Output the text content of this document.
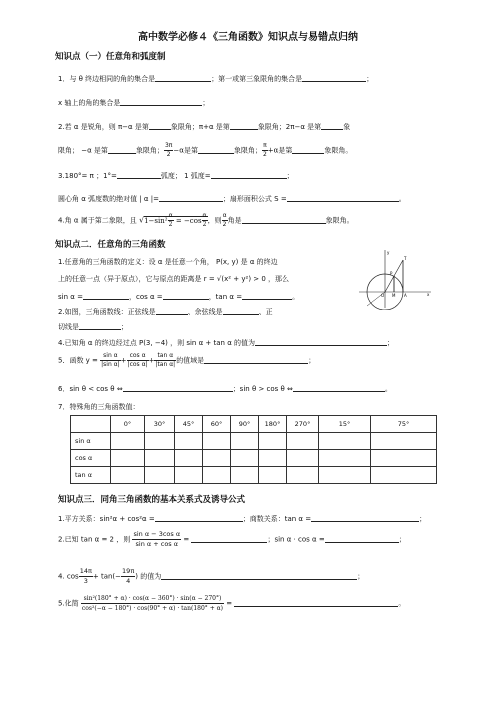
高中数学必修４《三角函数》知识点与易错点归纳
知识点（一）任意角和弧度制
1．与 θ 终边相同的角的集合是	；第一或第三象限角的集合是	；
x 轴上的角的集合是	；
2.若 α 是锐角，则 π−α 是第	象限角；π+α 是第	象限角；2π−α 是第	象
限角； −α 是第	象限角； $\frac{3\pi}{2} -\alpha$是第	象限角； $\frac{\pi}{2} +\alpha$是第	象限角。
3.180°= π ；1°=	弧度； 1 弧度=	；
圆心角 α 弧度数的绝对值 | α |=	；扇形面积公式 S =	。
4.角 α 属于第二象限，且 $√1-\sin^2 \frac{\alpha}{2} = -\cos \frac{\alpha}{2}$ ，则 $\frac{\alpha}{2}$ 角是	象限角。
知识点二．任意角的三角函数
1.任意角的三角函数的定义：设 α 是任意一个角， P(x, y) 是 α 的终边
上的任意一点（异于原点），它与原点的距离是 r = √(x² + y²) > 0 ，那么
sin α =	，cos α =	，tan α =	。
2.如图，三角函数线：正弦线是	、余弦线是	、正
切线是	；
y
x
P
T
A
M
O
4.已知角 α 的终边经过点 P(3, −4) ，则 sin α + tan α 的值为	；
5．函数 $y = \frac{\text{sin α}}{\text{|sin α|}} + \frac{\text{cos α}}{\text{|cos α|}} + \frac{\text{tan α}}{\text{|tan α|}}$ 的值域是	；
6．sin θ < cos θ ⇔	；sin θ > cos θ ⇔	。
7．特殊角的三角函数值：
	0°	30°	45°	60°	90°	180°	270°	15°	75°
sin α									
cos α									
tan α									
知识点三．同角三角函数的基本关系式及诱导公式
1.平方关系：sin²α + cos²α =	；商数关系：tan α =	；
2.已知 tan α = 2 ，则 $\frac{\text{sin α − 3cos α}}{\text{sin α + cos α}}$ =	；sin α · cos α =	；
4. $\cos \frac{14\pi}{3} + \tan(- \frac{19\pi}{4}$ ) 的值为	；
5.化简 $\frac{\text{sin²(180° + α) · cos(α − 360°) · sin(α − 270°)}}{\text{cos²(−α − 180°) · cos(90° + α) · tan(180° + α)}}$ =	。
